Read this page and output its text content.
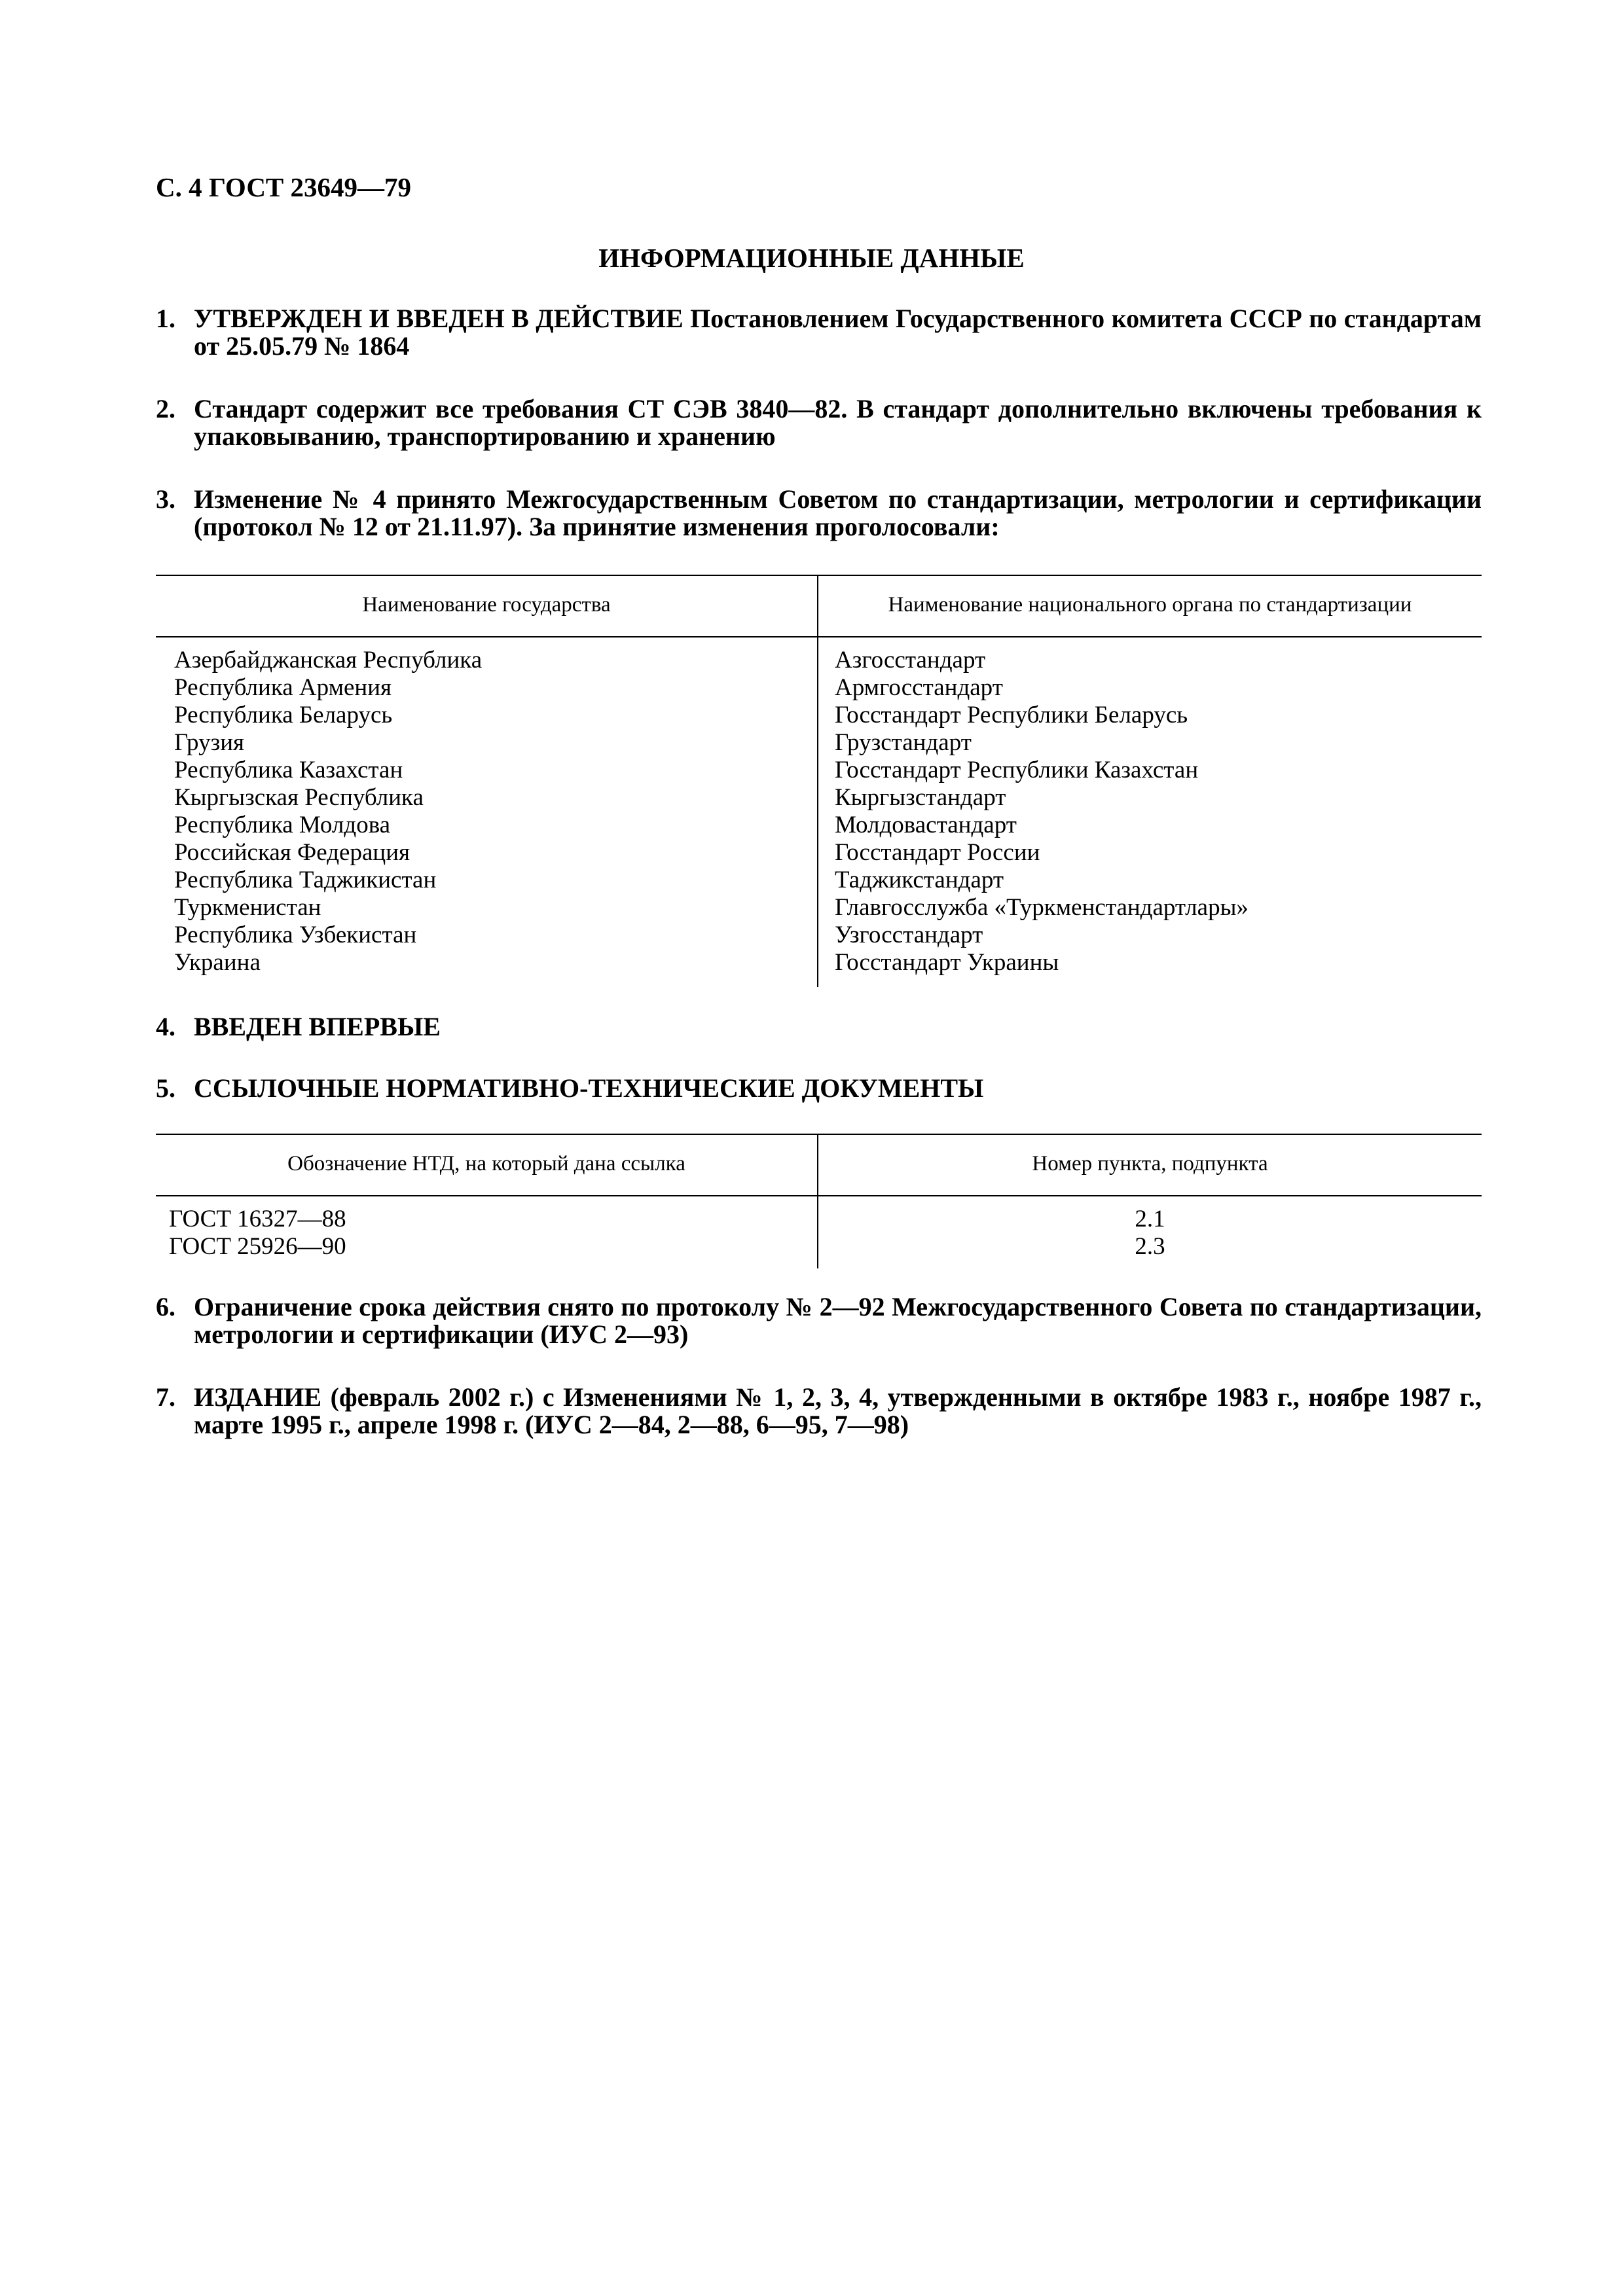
С. 4 ГОСТ 23649—79
ИНФОРМАЦИОННЫЕ ДАННЫЕ
1. УТВЕРЖДЕН И ВВЕДЕН В ДЕЙСТВИЕ Постановлением Государственного комитета СССР по стандартам от 25.05.79 № 1864
2. Стандарт содержит все требования СТ СЭВ 3840—82. В стандарт дополнительно включены требования к упаковыванию, транспортированию и хранению
3. Изменение № 4 принято Межгосударственным Советом по стандартизации, метрологии и сертификации (протокол № 12 от 21.11.97). За принятие изменения проголосовали:
Наименование государства	Наименование национального органа по стандартизации
Азербайджанская Республика
Республика Армения
Республика Беларусь
Грузия
Республика Казахстан
Кыргызская Республика
Республика Молдова
Российская Федерация
Республика Таджикистан
Туркменистан
Республика Узбекистан
Украина
Азгосстандарт
Армгосстандарт
Госстандарт Республики Беларусь
Грузстандарт
Госстандарт Республики Казахстан
Кыргызстандарт
Молдовастандарт
Госстандарт России
Таджикстандарт
Главгосслужба «Туркменстандартлары»
Узгосстандарт
Госстандарт Украины
4. ВВЕДЕН ВПЕРВЫЕ
5. ССЫЛОЧНЫЕ НОРМАТИВНО-ТЕХНИЧЕСКИЕ ДОКУМЕНТЫ
Обозначение НТД, на который дана ссылка	Номер пункта, подпункта
ГОСТ 16327—88
ГОСТ 25926—90
2.1
2.3
6. Ограничение срока действия снято по протоколу № 2—92 Межгосударственного Совета по стандартизации, метрологии и сертификации (ИУС 2—93)
7. ИЗДАНИЕ (февраль 2002 г.) с Изменениями № 1, 2, 3, 4, утвержденными в октябре 1983 г., ноябре 1987 г., марте 1995 г., апреле 1998 г. (ИУС 2—84, 2—88, 6—95, 7—98)
